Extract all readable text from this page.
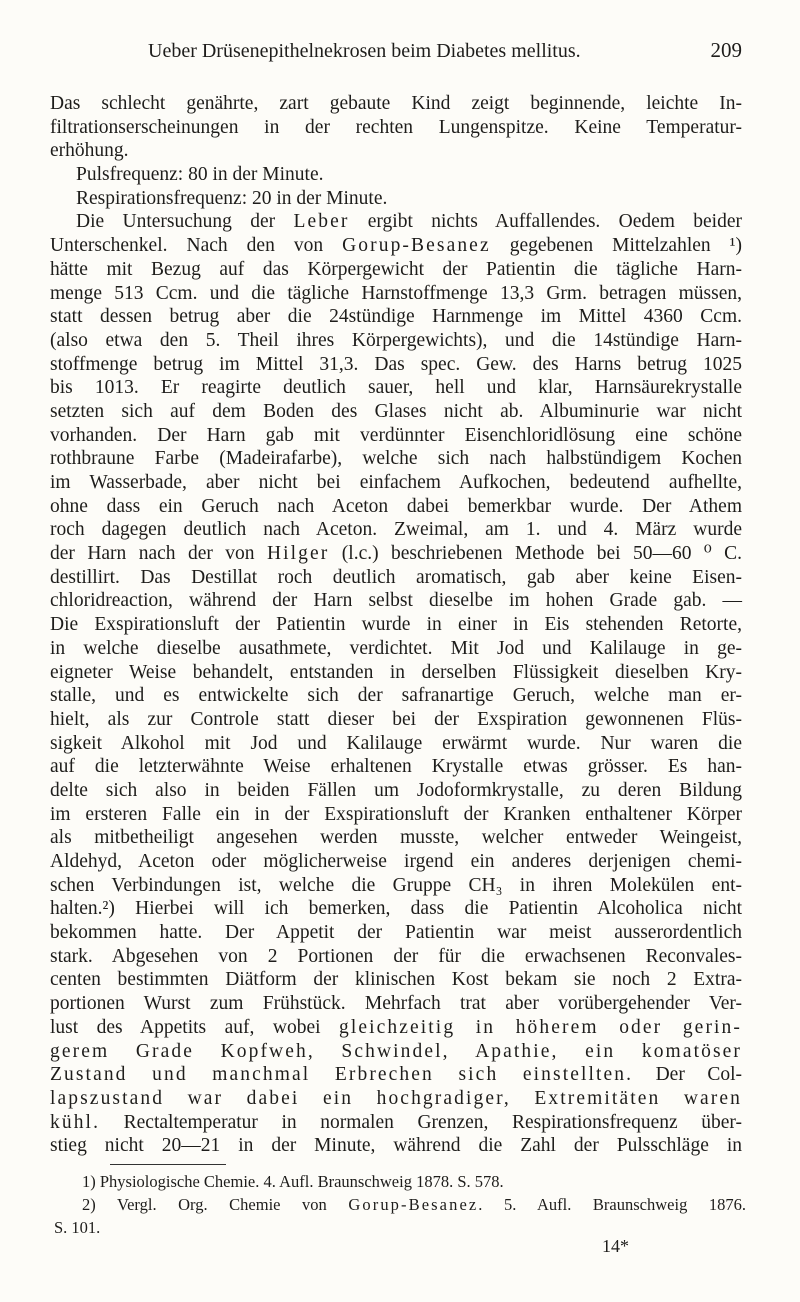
Ueber Drüsenepithelnekrosen beim Diabetes mellitus.	209
Das schlecht genährte, zart gebaute Kind zeigt beginnende, leichte In-
filtrationserscheinungen in der rechten Lungenspitze. Keine Temperatur-
erhöhung.
Pulsfrequenz: 80 in der Minute.
Respirationsfrequenz: 20 in der Minute.
Die Untersuchung der Leber ergibt nichts Auffallendes. Oedem beider
Unterschenkel. Nach den von Gorup-Besanez gegebenen Mittelzahlen ¹)
hätte mit Bezug auf das Körpergewicht der Patientin die tägliche Harn-
menge 513 Ccm. und die tägliche Harnstoffmenge 13,3 Grm. betragen müssen,
statt dessen betrug aber die 24stündige Harnmenge im Mittel 4360 Ccm.
(also etwa den 5. Theil ihres Körpergewichts), und die 14stündige Harn-
stoffmenge betrug im Mittel 31,3. Das spec. Gew. des Harns betrug 1025
bis 1013. Er reagirte deutlich sauer, hell und klar, Harnsäurekrystalle
setzten sich auf dem Boden des Glases nicht ab. Albuminurie war nicht
vorhanden. Der Harn gab mit verdünnter Eisenchloridlösung eine schöne
rothbraune Farbe (Madeirafarbe), welche sich nach halbstündigem Kochen
im Wasserbade, aber nicht bei einfachem Aufkochen, bedeutend aufhellte,
ohne dass ein Geruch nach Aceton dabei bemerkbar wurde. Der Athem
roch dagegen deutlich nach Aceton. Zweimal, am 1. und 4. März wurde
der Harn nach der von Hilger (l.c.) beschriebenen Methode bei 50—60 ⁰ C.
destillirt. Das Destillat roch deutlich aromatisch, gab aber keine Eisen-
chloridreaction, während der Harn selbst dieselbe im hohen Grade gab. —
Die Exspirationsluft der Patientin wurde in einer in Eis stehenden Retorte,
in welche dieselbe ausathmete, verdichtet. Mit Jod und Kalilauge in ge-
eigneter Weise behandelt, entstanden in derselben Flüssigkeit dieselben Kry-
stalle, und es entwickelte sich der safranartige Geruch, welche man er-
hielt, als zur Controle statt dieser bei der Exspiration gewonnenen Flüs-
sigkeit Alkohol mit Jod und Kalilauge erwärmt wurde. Nur waren die
auf die letzterwähnte Weise erhaltenen Krystalle etwas grösser. Es han-
delte sich also in beiden Fällen um Jodoformkrystalle, zu deren Bildung
im ersteren Falle ein in der Exspirationsluft der Kranken enthaltener Körper
als mitbetheiligt angesehen werden musste, welcher entweder Weingeist,
Aldehyd, Aceton oder möglicherweise irgend ein anderes derjenigen chemi-
schen Verbindungen ist, welche die Gruppe CH₃ in ihren Molekülen ent-
halten.²) Hierbei will ich bemerken, dass die Patientin Alcoholica nicht
bekommen hatte. Der Appetit der Patientin war meist ausserordentlich
stark. Abgesehen von 2 Portionen der für die erwachsenen Reconvales-
centen bestimmten Diätform der klinischen Kost bekam sie noch 2 Extra-
portionen Wurst zum Frühstück. Mehrfach trat aber vorübergehender Ver-
lust des Appetits auf, wobei gleichzeitig in höherem oder gerin-
gerem Grade Kopfweh, Schwindel, Apathie, ein komatöser
Zustand und manchmal Erbrechen sich einstellten. Der Col-
lapszustand war dabei ein hochgradiger, Extremitäten waren
kühl. Rectaltemperatur in normalen Grenzen, Respirationsfrequenz über-
stieg nicht 20—21 in der Minute, während die Zahl der Pulsschläge in
1) Physiologische Chemie. 4. Aufl. Braunschweig 1878. S. 578.
2) Vergl. Org. Chemie von Gorup-Besanez. 5. Aufl. Braunschweig 1876.
S. 101.
14*
